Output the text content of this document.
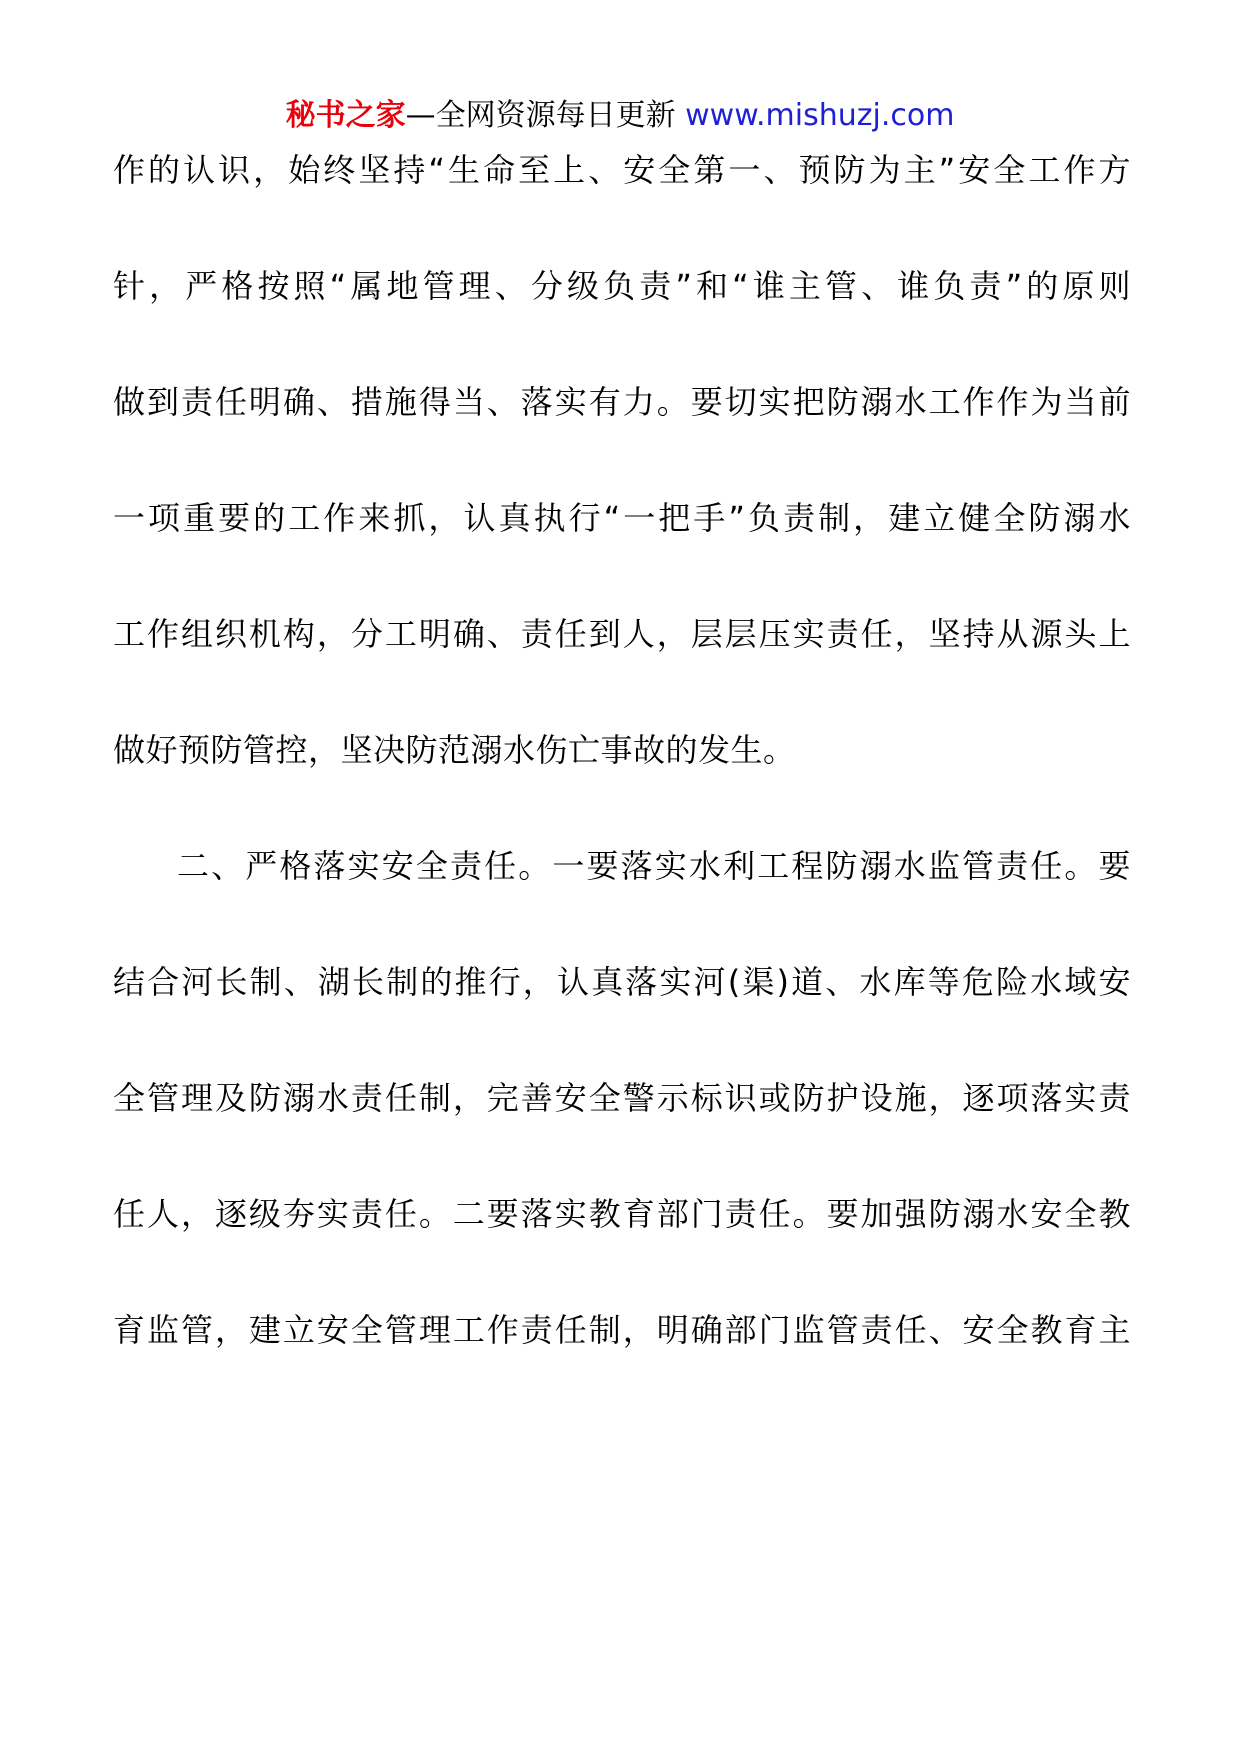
秘书之家—全网资源每日更新 www.mishuzj.com
作的认识，始终坚持“生命至上、安全第一、预防为主”安全工作方
针，严格按照“属地管理、分级负责”和“谁主管、谁负责”的原则
做到责任明确、措施得当、落实有力。要切实把防溺水工作作为当前
一项重要的工作来抓，认真执行“一把手”负责制，建立健全防溺水
工作组织机构，分工明确、责任到人，层层压实责任，坚持从源头上
做好预防管控，坚决防范溺水伤亡事故的发生。
二、严格落实安全责任。一要落实水利工程防溺水监管责任。要
结合河长制、湖长制的推行，认真落实河(渠)道、水库等危险水域安
全管理及防溺水责任制，完善安全警示标识或防护设施，逐项落实责
任人，逐级夯实责任。二要落实教育部门责任。要加强防溺水安全教
育监管，建立安全管理工作责任制，明确部门监管责任、安全教育主
